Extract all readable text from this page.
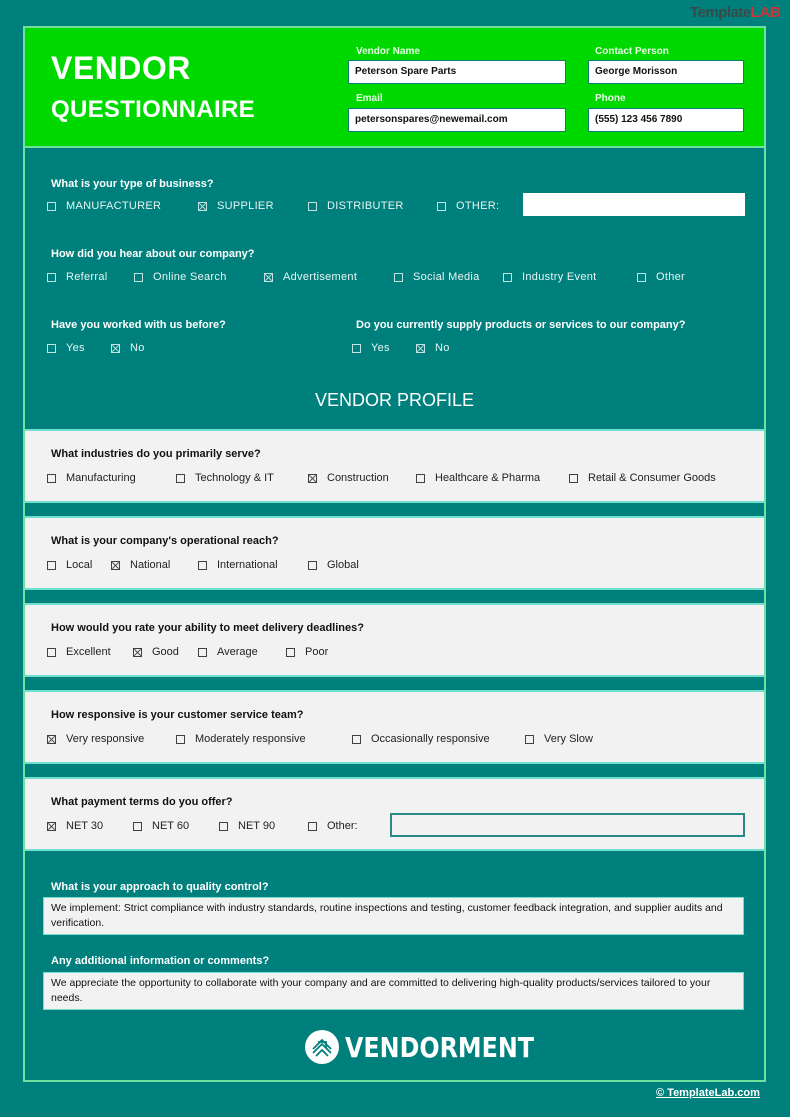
TemplateLAB
VENDOR
QUESTIONNAIRE
Vendor Name
Peterson Spare Parts
Contact Person
George Morisson
Email
petersonspares@newemail.com
Phone
(555) 123 456 7890
What is your type of business?
MANUFACTURER	SUPPLIER	DISTRIBUTER	OTHER:
How did you hear about our company?
Referral	Online Search	Advertisement	Social Media	Industry Event	Other
Have you worked with us before?
Yes	No
Do you currently supply products or services to our company?
Yes	No
VENDOR PROFILE
What industries do you primarily serve?
Manufacturing	Technology & IT	Construction	Healthcare & Pharma	Retail & Consumer Goods
What is your company's operational reach?
Local	National	International	Global
How would you rate your ability to meet delivery deadlines?
Excellent	Good	Average	Poor
How responsive is your customer service team?
Very responsive	Moderately responsive	Occasionally responsive	Very Slow
What payment terms do you offer?
NET 30	NET 60	NET 90	Other:
What is your approach to quality control?
We implement: Strict compliance with industry standards, routine inspections and testing, customer feedback integration, and supplier audits and verification.
Any additional information or comments?
We appreciate the opportunity to collaborate with your company and are committed to delivering high-quality products/services tailored to your needs.
VENDORMENT
© TemplateLab.com
